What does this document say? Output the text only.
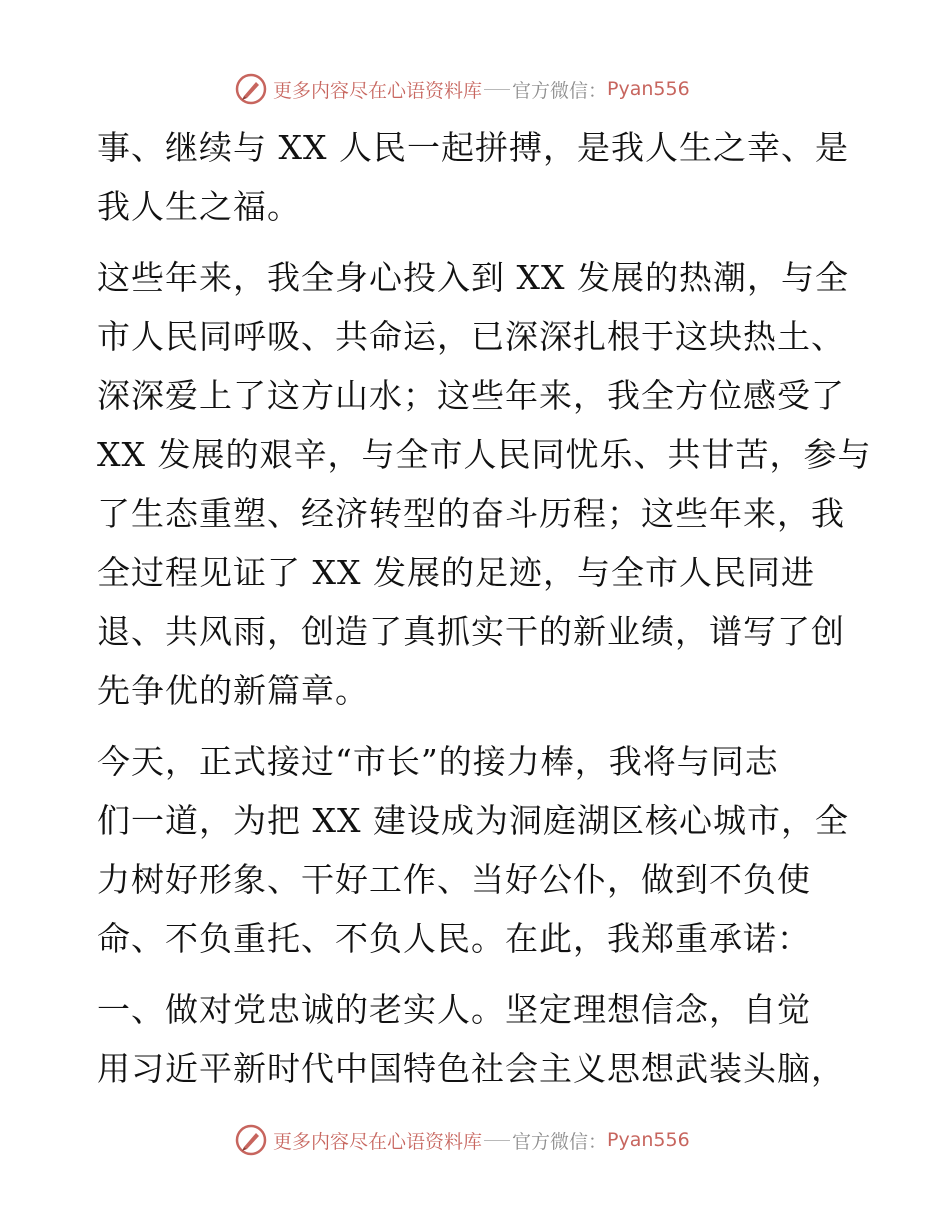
更多内容尽在心语资料库 官方微信： Pyan556
事、继续与 XX 人民一起拼搏，是我人生之幸、是
我人生之福。
这些年来，我全身心投入到 XX 发展的热潮，与全
市人民同呼吸、共命运，已深深扎根于这块热土、
深深爱上了这方山水；这些年来，我全方位感受了
XX 发展的艰辛，与全市人民同忧乐、共甘苦，参与
了生态重塑、经济转型的奋斗历程；这些年来，我
全过程见证了 XX 发展的足迹，与全市人民同进
退、共风雨，创造了真抓实干的新业绩，谱写了创
先争优的新篇章。
今天，正式接过“市长”的接力棒，我将与同志
们一道，为把 XX 建设成为洞庭湖区核心城市，全
力树好形象、干好工作、当好公仆，做到不负使
命、不负重托、不负人民。在此，我郑重承诺：
一、做对党忠诚的老实人。坚定理想信念，自觉
用习近平新时代中国特色社会主义思想武装头脑，
更多内容尽在心语资料库 官方微信： Pyan556
